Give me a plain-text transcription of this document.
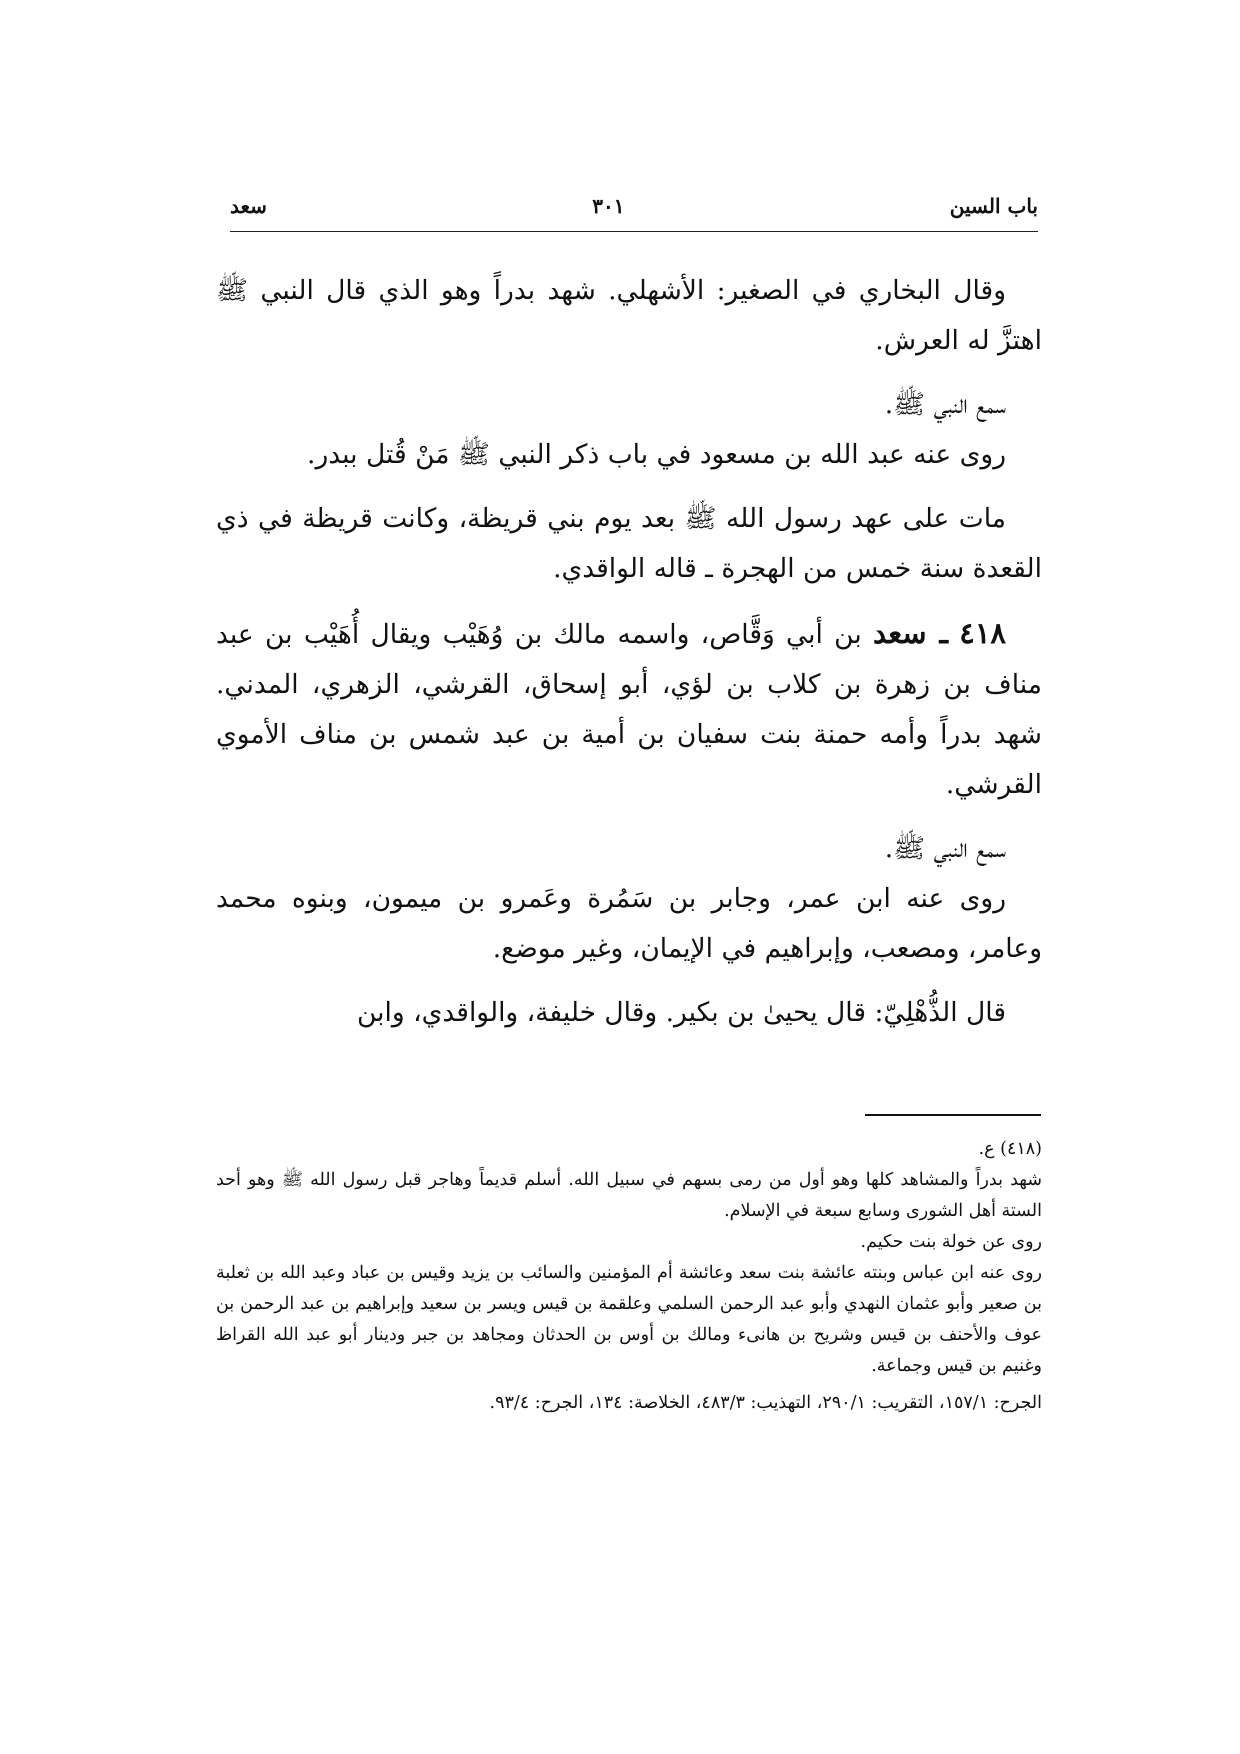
باب السين
٣٠١
سعد

وقال البخاري في الصغير: الأشهلي. شهد بدراً وهو الذي قال النبي ﷺ اهتزَّ له العرش.

سمع النبي ﷺ.

روى عنه عبد الله بن مسعود في باب ذكر النبي ﷺ مَنْ قُتل ببدر.

مات على عهد رسول الله ﷺ بعد يوم بني قريظة، وكانت قريظة في ذي القعدة سنة خمس من الهجرة ـ قاله الواقدي.

٤١٨ ـ سعد بن أبي وَقَّاص، واسمه مالك بن وُهَيْب ويقال أُهَيْب بن عبد مناف بن زهرة بن كلاب بن لؤي، أبو إسحاق، القرشي، الزهري، المدني. شهد بدراً وأمه حمنة بنت سفيان بن أمية بن عبد شمس بن مناف الأموي القرشي.

سمع النبي ﷺ.

روى عنه ابن عمر، وجابر بن سَمُرة وعَمرو بن ميمون، وبنوه محمد وعامر، ومصعب، وإبراهيم في الإيمان، وغير موضع.

قال الذُّهْلِيّ: قال يحيىٰ بن بكير. وقال خليفة، والواقدي، وابن

(٤١٨) ع.

شهد بدراً والمشاهد كلها وهو أول من رمى بسهم في سبيل الله. أسلم قديماً وهاجر قبل رسول الله ﷺ وهو أحد الستة أهل الشورى وسابع سبعة في الإسلام.

روى عن خولة بنت حكيم.

روى عنه ابن عباس وبنته عائشة بنت سعد وعائشة أم المؤمنين والسائب بن يزيد وقيس بن عباد وعبد الله بن ثعلبة بن صعير وأبو عثمان النهدي وأبو عبد الرحمن السلمي وعلقمة بن قيس ويسر بن سعيد وإبراهيم بن عبد الرحمن بن عوف والأحنف بن قيس وشريح بن هانىء ومالك بن أوس بن الحدثان ومجاهد بن جبر ودينار أبو عبد الله القراظ وغنيم بن قيس وجماعة.

الجرح: ١٥٧/١، التقريب: ٢٩٠/١، التهذيب: ٤٨٣/٣، الخلاصة: ١٣٤، الجرح: ٩٣/٤.
